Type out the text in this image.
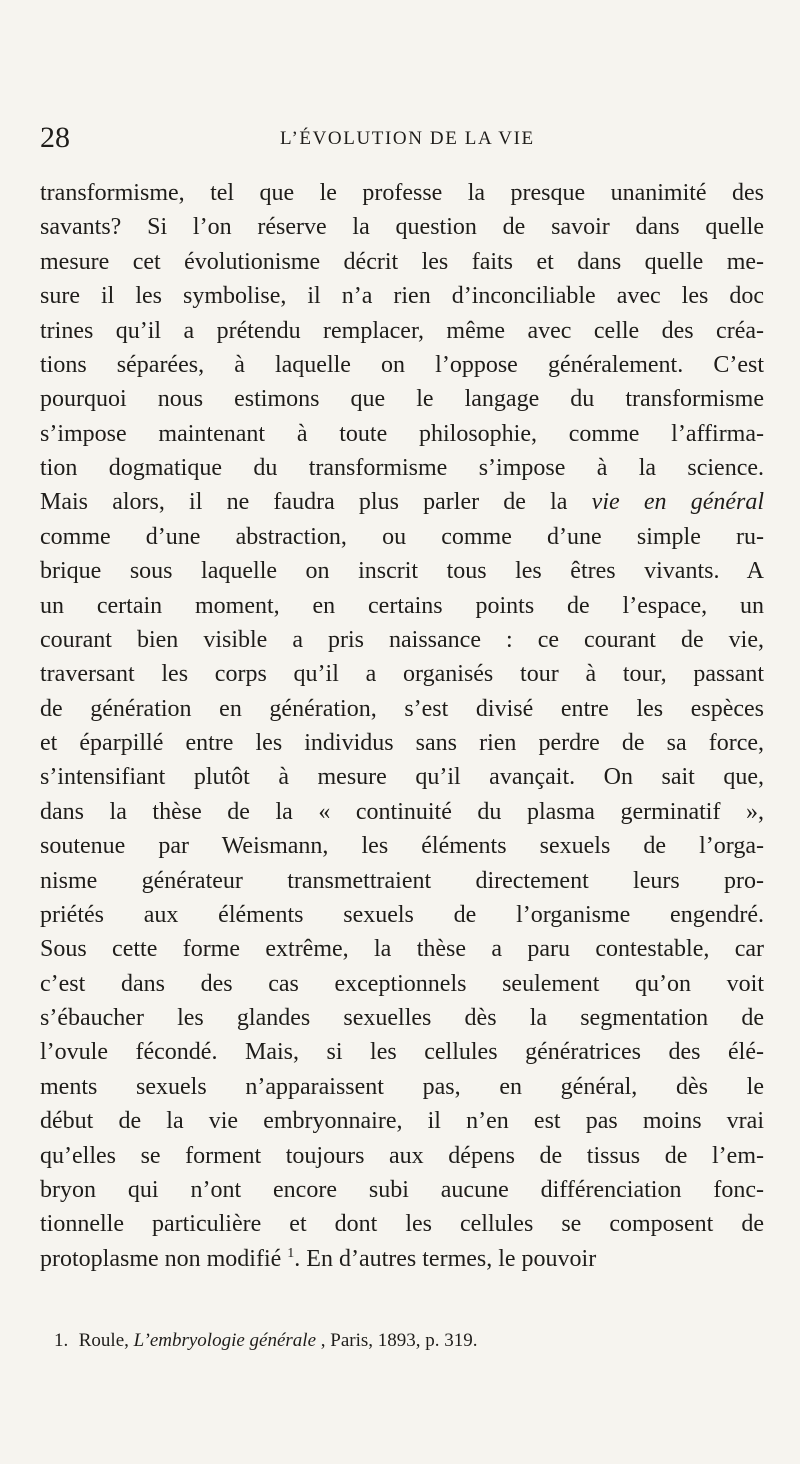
28	L’ÉVOLUTION DE LA VIE
transformisme, tel que le professe la presque unanimité des
savants? Si l’on réserve la question de savoir dans quelle
mesure cet évolutionisme décrit les faits et dans quelle me-
sure il les symbolise, il n’a rien d’inconciliable avec les doc
trines qu’il a prétendu remplacer, même avec celle des créa-
tions séparées, à laquelle on l’oppose généralement. C’est
pourquoi nous estimons que le langage du transformisme
s’impose maintenant à toute philosophie, comme l’affirma-
tion dogmatique du transformisme s’impose à la science.
Mais alors, il ne faudra plus parler de la vie en général
comme d’une abstraction, ou comme d’une simple ru-
brique sous laquelle on inscrit tous les êtres vivants. A
un certain moment, en certains points de l’espace, un
courant bien visible a pris naissance : ce courant de vie,
traversant les corps qu’il a organisés tour à tour, passant
de génération en génération, s’est divisé entre les espèces
et éparpillé entre les individus sans rien perdre de sa force,
s’intensifiant plutôt à mesure qu’il avançait. On sait que,
dans la thèse de la « continuité du plasma germinatif »,
soutenue par Weismann, les éléments sexuels de l’orga-
nisme générateur transmettraient directement leurs pro-
priétés aux éléments sexuels de l’organisme engendré.
Sous cette forme extrême, la thèse a paru contestable, car
c’est dans des cas exceptionnels seulement qu’on voit
s’ébaucher les glandes sexuelles dès la segmentation de
l’ovule fécondé. Mais, si les cellules génératrices des élé-
ments sexuels n’apparaissent pas, en général, dès le
début de la vie embryonnaire, il n’en est pas moins vrai
qu’elles se forment toujours aux dépens de tissus de l’em-
bryon qui n’ont encore subi aucune différenciation fonc-
tionnelle particulière et dont les cellules se composent de
protoplasme non modifié $^1$. En d’autres termes, le pouvoir
1. Roule, L’embryologie générale , Paris, 1893, p. 319.
